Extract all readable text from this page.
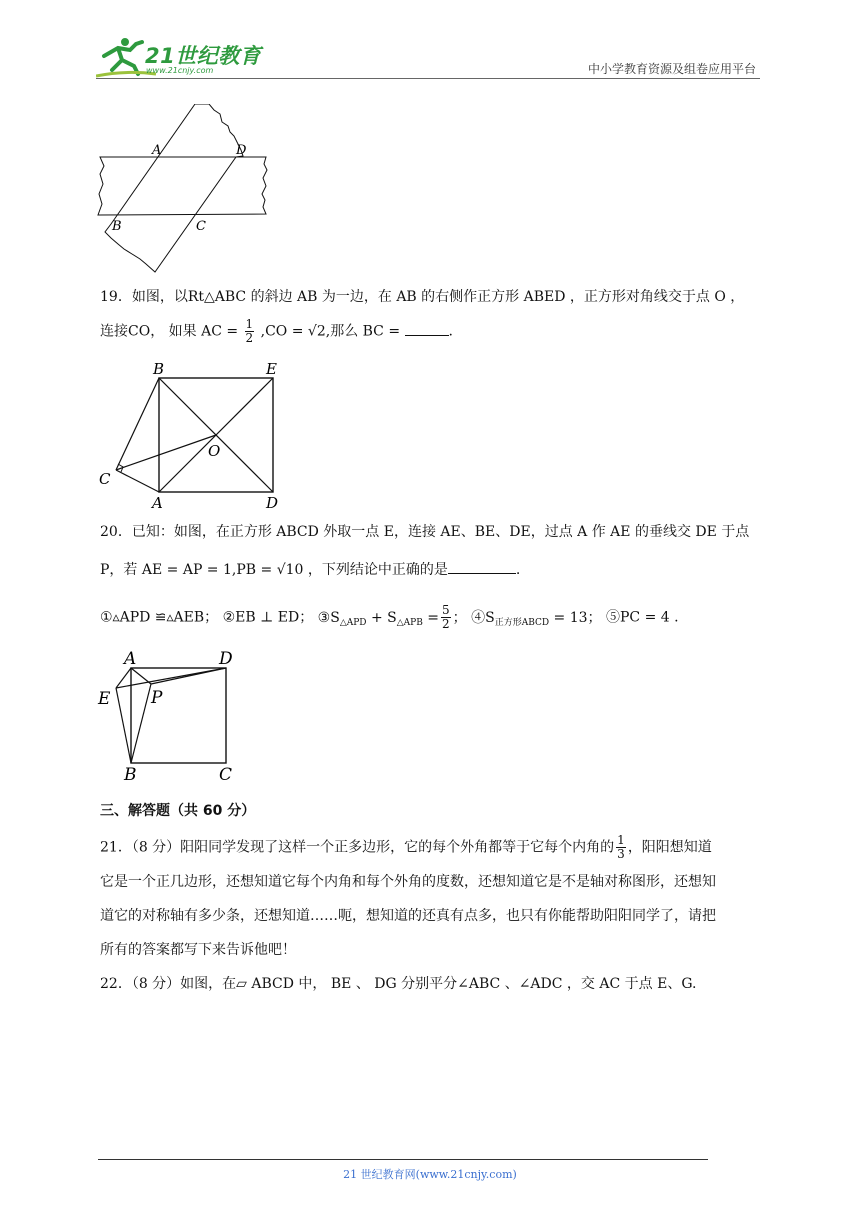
21世纪教育
www.21cnjy.com	中小学教育资源及组卷应用平台
A	D
B	C
19．如图，以Rt△ABC 的斜边 AB 为一边，在 AB 的右侧作正方形 ABED ，正方形对角线交于点 O ，
连接CO， 如果 AC = $\frac{1}{2} ,CO = √2$,那么 BC =	.
B	E
O
C
A	D
20．已知：如图，在正方形 ABCD 外取一点 E，连接 AE、BE、DE，过点 A 作 AE 的垂线交 DE 于点
P，若 AE = AP = 1,PB = √10 ，下列结论中正确的是	.
①▵APD ≌▵AEB； ②EB ⊥ ED； $③S_{\triangle APD} + S_{\triangle APB} = \frac{5}{2}$ ； $④S_{正方形ABCD} = 13$； ⑤PC = 4 .
A	D
E P
B	C
三、解答题（共 60 分）
21．（8 分）阳阳同学发现了这样一个正多边形，它的每个外角都等于它每个内角的 $\frac{1}{3}$ ，阳阳想知道
它是一个正几边形，还想知道它每个内角和每个外角的度数，还想知道它是不是轴对称图形，还想知
道它的对称轴有多少条，还想知道……呃，想知道的还真有点多，也只有你能帮助阳阳同学了，请把
所有的答案都写下来告诉他吧！
22．（8 分）如图，在▱ ABCD 中， BE 、 DG 分别平分∠ABC 、∠ADC ，交 AC 于点 E、G.
21 世纪教育网(www.21cnjy.com)
